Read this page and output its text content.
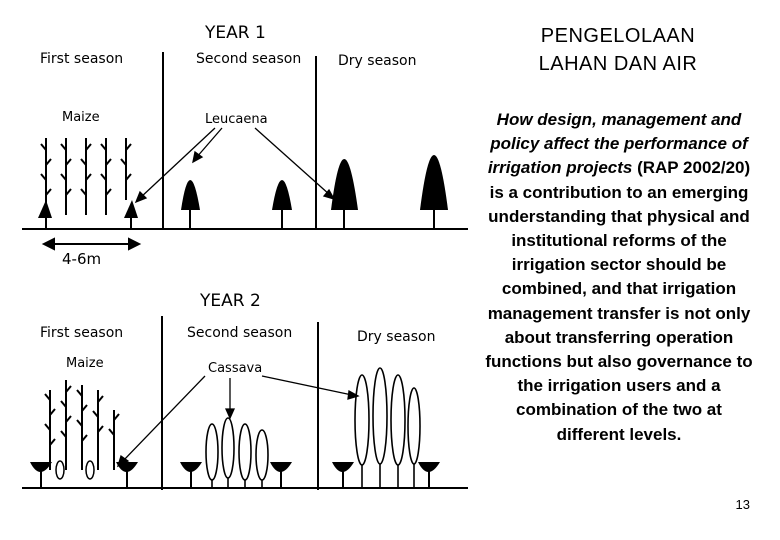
YEAR 1
First season	Second season	Dry season
Maize	Leucaena
4-6m
YEAR 2
First season	Second season	Dry season
Maize	Cassava
PENGELOLAAN
LAHAN DAN AIR
How design, management and policy affect the performance of irrigation projects (RAP 2002/20) is a contribution to an emerging understanding that physical and institutional reforms of the irrigation sector should be combined, and that irrigation management transfer is not only about transferring operation functions but also governance to the irrigation users and a combination of the two at different levels.
13
